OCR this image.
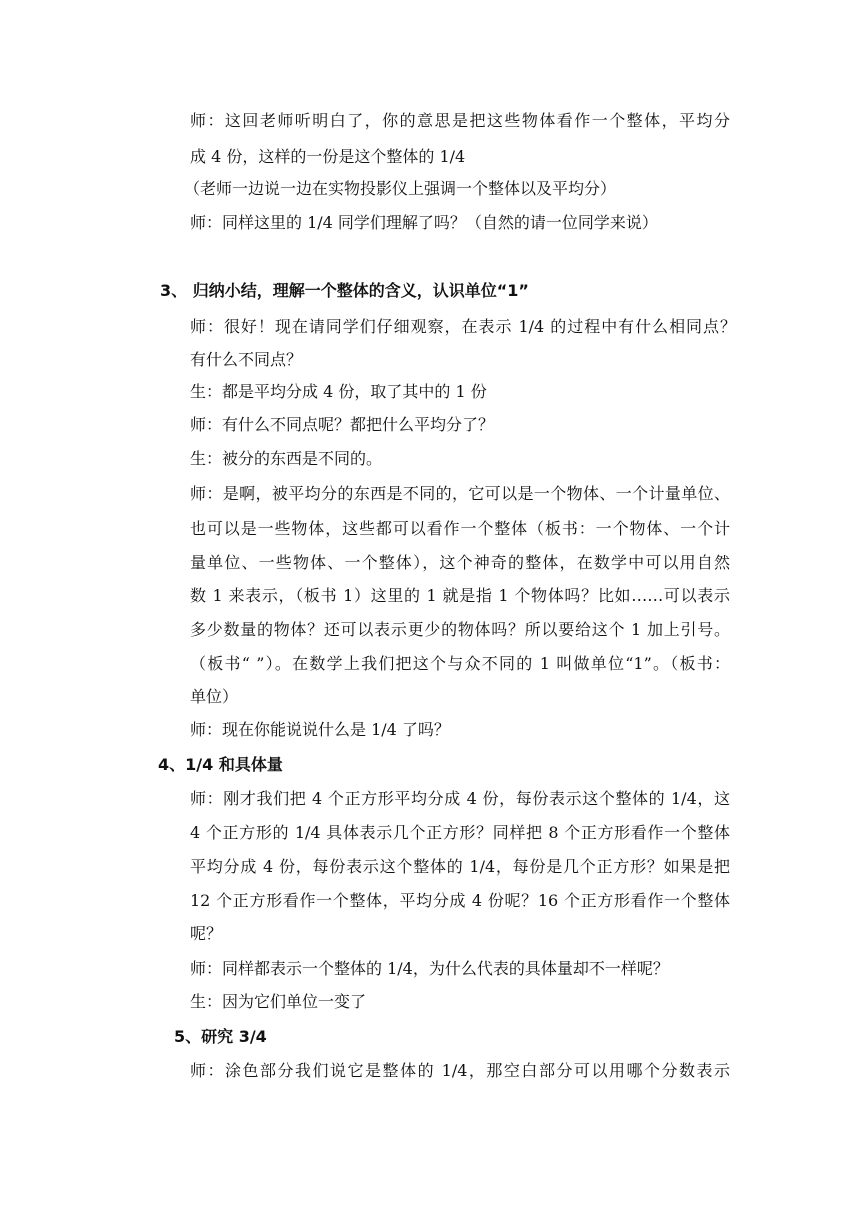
师：这回老师听明白了，你的意思是把这些物体看作一个整体，平均分
成 4 份，这样的一份是这个整体的 1/4
（老师一边说一边在实物投影仪上强调一个整体以及平均分）
师：同样这里的 1/4 同学们理解了吗？（自然的请一位同学来说）
3、 归纳小结，理解一个整体的含义，认识单位“1”
师：很好！现在请同学们仔细观察，在表示 1/4 的过程中有什么相同点？
有什么不同点？
生：都是平均分成 4 份，取了其中的 1 份
师：有什么不同点呢？都把什么平均分了？
生：被分的东西是不同的。
师：是啊，被平均分的东西是不同的，它可以是一个物体、一个计量单位、
也可以是一些物体，这些都可以看作一个整体（板书：一个物体、一个计
量单位、一些物体、一个整体），这个神奇的整体，在数学中可以用自然
数 1 来表示，（板书 1）这里的 1 就是指 1 个物体吗？比如……可以表示
多少数量的物体？还可以表示更少的物体吗？所以要给这个 1 加上引号。
（板书“ ”）。在数学上我们把这个与众不同的 1 叫做单位“1”。（板书：
单位）
师：现在你能说说什么是 1/4 了吗？
4、1/4 和具体量
师：刚才我们把 4 个正方形平均分成 4 份，每份表示这个整体的 1/4，这
4 个正方形的 1/4 具体表示几个正方形？同样把 8 个正方形看作一个整体
平均分成 4 份，每份表示这个整体的 1/4，每份是几个正方形？如果是把
12 个正方形看作一个整体，平均分成 4 份呢？16 个正方形看作一个整体
呢？
师：同样都表示一个整体的 1/4，为什么代表的具体量却不一样呢？
生：因为它们单位一变了
5、研究 3/4
师：涂色部分我们说它是整体的 1/4，那空白部分可以用哪个分数表示
